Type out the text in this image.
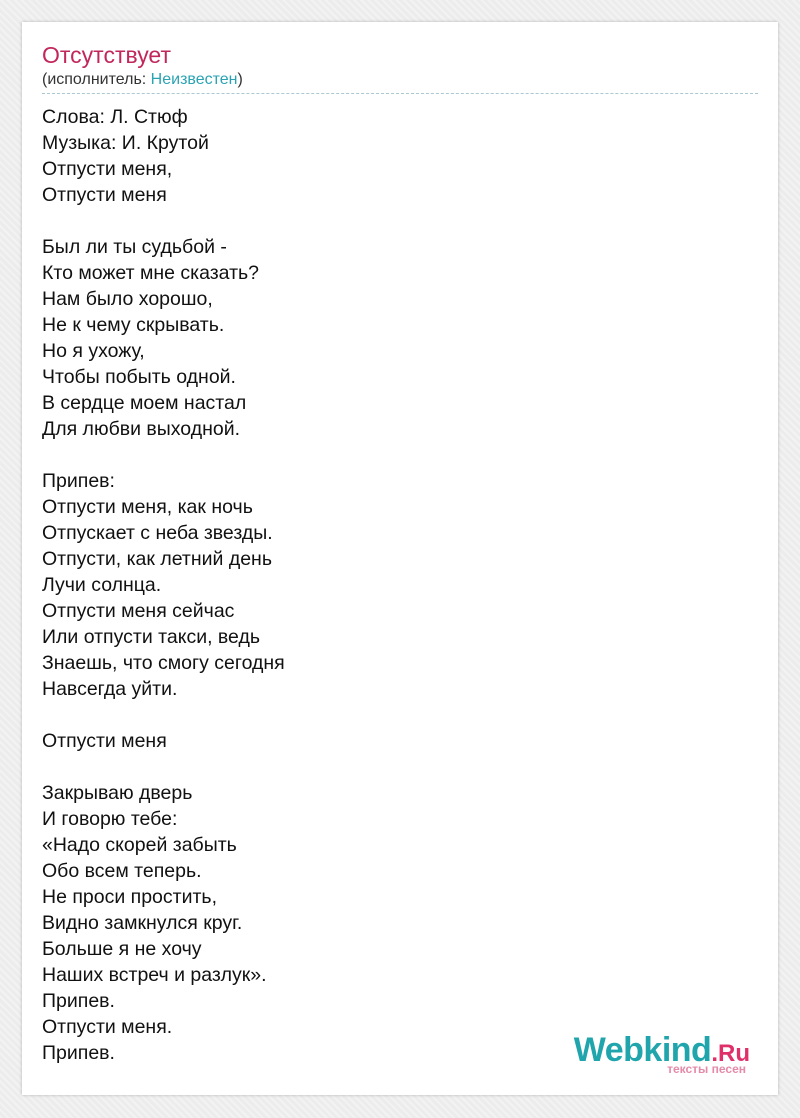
Отсутствует
(исполнитель: Неизвестен)
Слова: Л. Стюф
Музыка: И. Крутой
Отпусти меня,
Отпусти меня
Был ли ты судьбой -
Кто может мне сказать?
Нам было хорошо,
Не к чему скрывать.
Но я ухожу,
Чтобы побыть одной.
В сердце моем настал
Для любви выходной.
Припев:
Отпусти меня, как ночь
Отпускает с неба звезды.
Отпусти, как летний день
Лучи солнца.
Отпусти меня сейчас
Или отпусти такси, ведь
Знаешь, что смогу сегодня
Навсегда уйти.
Отпусти меня
Закрываю дверь
И говорю тебе:
«Надо скорей забыть
Обо всем теперь.
Не проси простить,
Видно замкнулся круг.
Больше я не хочу
Наших встреч и разлук».
Припев.
Отпусти меня.
Припев.	Webkind.Ru
тексты песен
